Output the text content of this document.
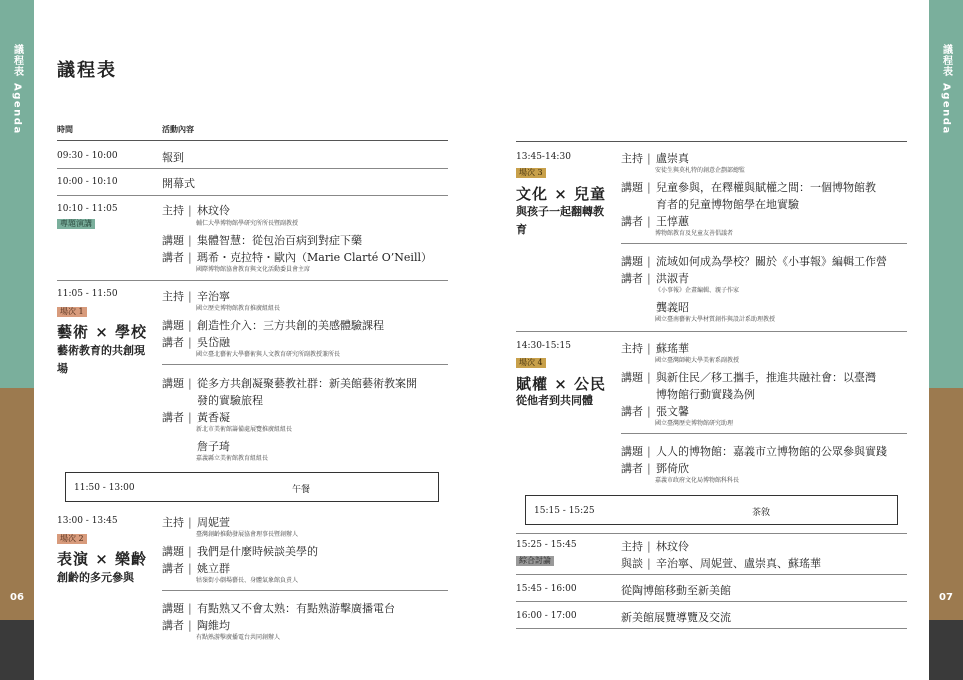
議程表Agenda
06
議程表Agenda
07
議程表
時間	活動內容
09:30 - 10:00	報到
10:00 - 10:10	開幕式
10:10 - 11:05
專題演講
主持 | 林玟伶
輔仁大學博物館學研究所所長暨副教授
講題 | 集體智慧：從包治百病到對症下藥
講者 | 瑪希・克拉特・歐內（Marie Clarté O’Neill）
國際博物館協會教育與文化活動委員會主席
11:05 - 11:50
場次 1
藝術 × 學校
藝術教育的共創現場
主持 | 辛治寧
國立歷史博物館教育推廣組組長
講題 | 創造性介入：三方共創的美感體驗課程
講者 | 吳岱融
國立臺北藝術大學藝術與人文教育研究所副教授兼所長
講題 | 從多方共創凝聚藝教社群：新美館藝術教案開
發的實驗旅程
講者 | 黃香凝
新北市美術館籌備處展覽推廣組組長
詹子琦
嘉義縣立美術館教育組組長
11:50 - 13:00	午餐
13:00 - 13:45
場次 2
表演 × 樂齡
創齡的多元參與
主持 | 周妮萱
臺灣創齡推動發展協會理事長暨創辦人
講題 | 我們是什麼時候談美學的
講者 | 姚立群
牯嶺街小劇場藝長、身體氣象館負責人
講題 | 有點熟又不會太熟：有點熟游擊廣播電台
講者 | 陶維均
有點熟游擊廣播電台共同創辦人
13:45-14:30
場次 3
文化 × 兒童
與孩子一起翻轉教育
主持 | 盧崇真
安徒生與莫札特的創意企劃部總監
講題 | 兒童參與，在釋權與賦權之間：一個博物館教
育者的兒童博物館學在地實驗
講者 | 王惇蕙
博物館教育及兒童友善倡議者
講題 | 流域如何成為學校？關於《小事報》編輯工作營
講者 | 洪淑青
《小事報》企畫編輯、親子作家
龔義昭
國立臺南藝術大學材質創作與設計系助理教授
14:30-15:15
場次 4
賦權 × 公民
從他者到共同體
主持 | 蘇瑤華
國立臺灣師範大學美術系副教授
講題 | 與新住民／移工攜手，推進共融社會：以臺灣
博物館行動實踐為例
講者 | 張文馨
國立臺灣歷史博物館研究助理
講題 | 人人的博物館：嘉義市立博物館的公眾參與實踐
講者 | 鄧倚欣
嘉義市政府文化局博物館科科長
15:15 - 15:25	茶敘
15:25 - 15:45
綜合討論
主持 | 林玟伶
與談 | 辛治寧、周妮萱、盧崇真、蘇瑤華
15:45 - 16:00	從陶博館移動至新美館
16:00 - 17:00	新美館展覽導覽及交流
